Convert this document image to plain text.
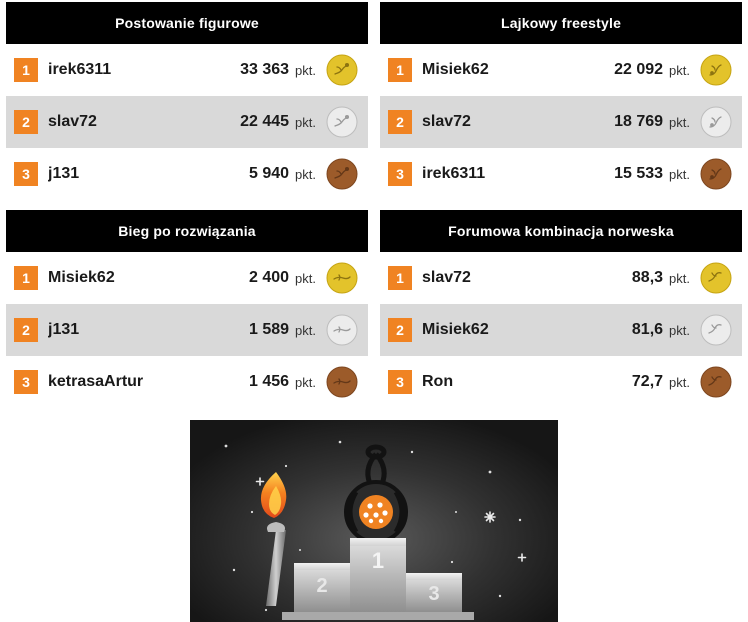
Postowanie figurowe
1	irek6311	33 363 pkt.
2	slav72	22 445 pkt.
3	j131	5 940 pkt.
Lajkowy freestyle
1	Misiek62	22 092 pkt.
2	slav72	18 769 pkt.
3	irek6311	15 533 pkt.
Bieg po rozwiązania
1	Misiek62	2 400 pkt.
2	j131	1 589 pkt.
3	ketrasaArtur	1 456 pkt.
Forumowa kombinacja norweska
1	slav72	88,3 pkt.
2	Misiek62	81,6 pkt.
3	Ron	72,7 pkt.
1
2	3
